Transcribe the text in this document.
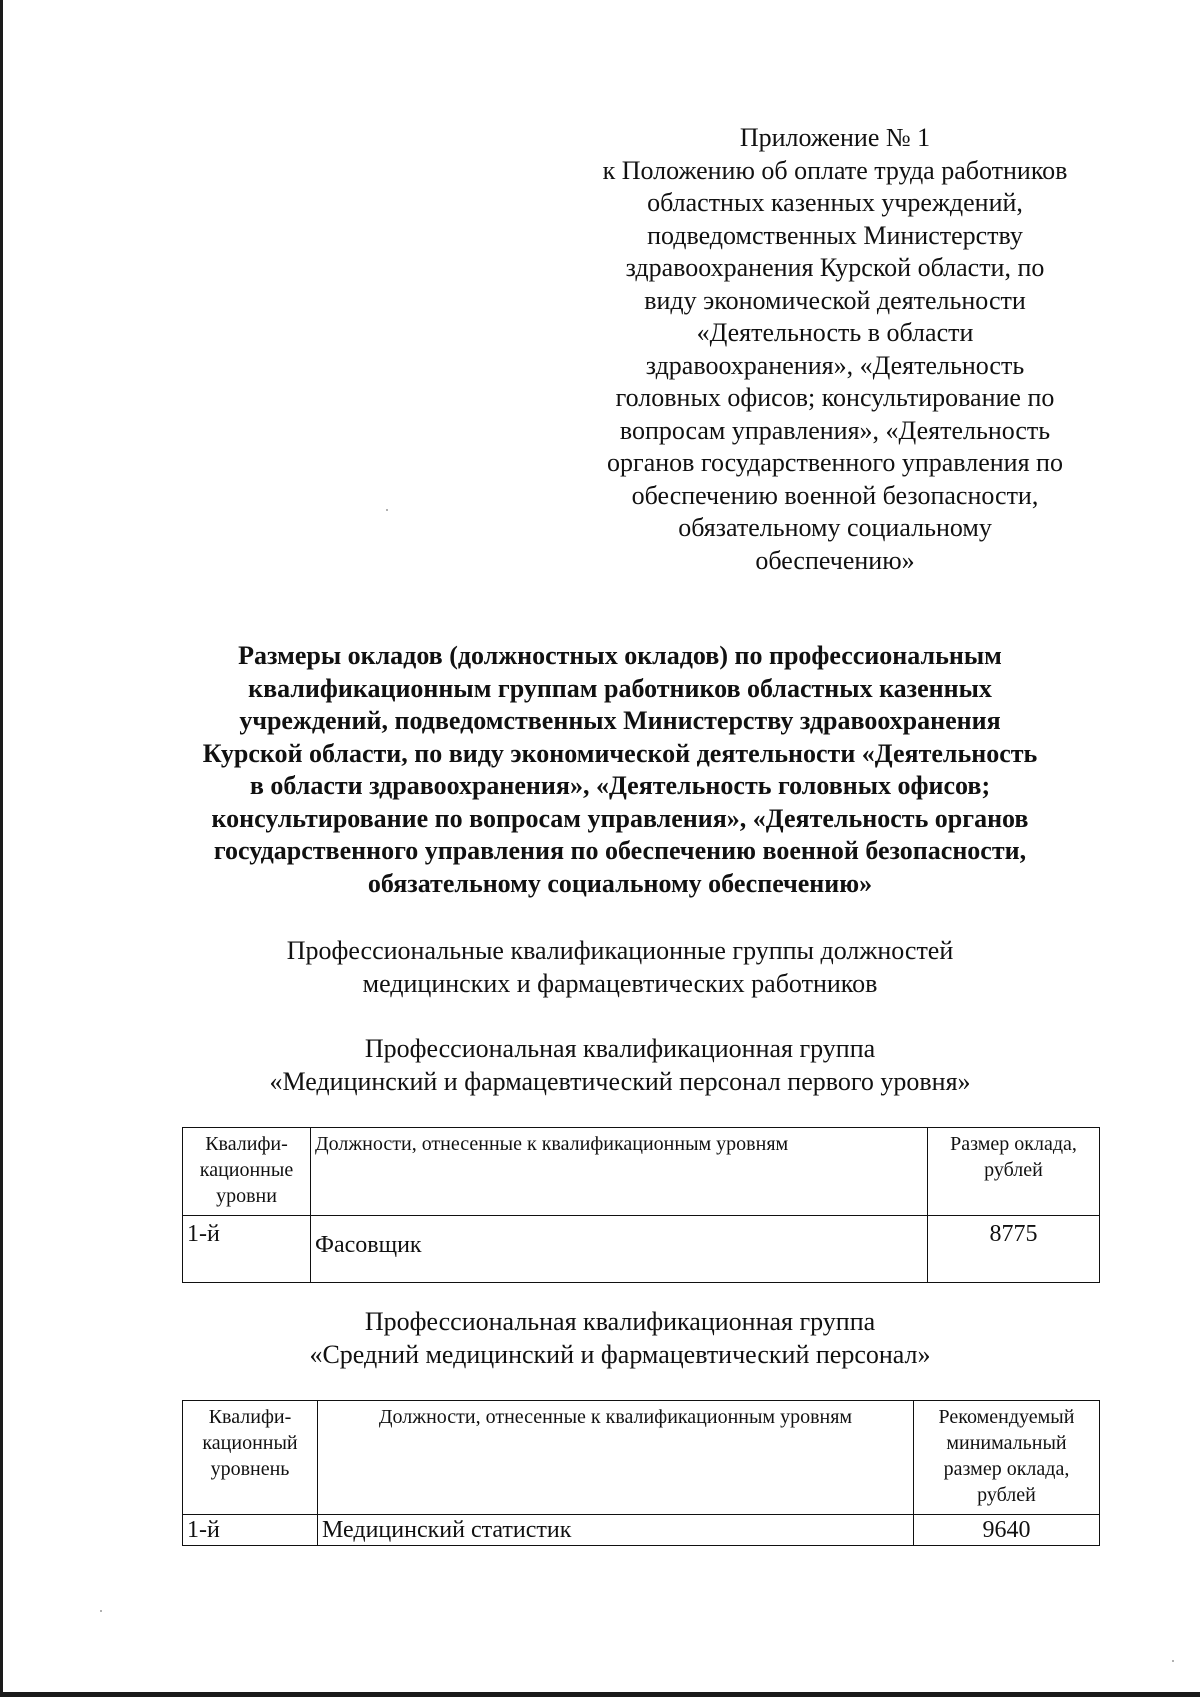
Приложение № 1
к Положению об оплате труда работников
областных казенных учреждений,
подведомственных Министерству
здравоохранения Курской области, по
виду экономической деятельности
«Деятельность в области
здравоохранения», «Деятельность
головных офисов; консультирование по
вопросам управления», «Деятельность
органов государственного управления по
обеспечению военной безопасности,
обязательному социальному
обеспечению»
Размеры окладов (должностных окладов) по профессиональным
квалификационным группам работников областных казенных
учреждений, подведомственных Министерству здравоохранения
Курской области, по виду экономической деятельности «Деятельность
в области здравоохранения», «Деятельность головных офисов;
консультирование по вопросам управления», «Деятельность органов
государственного управления по обеспечению военной безопасности,
обязательному социальному обеспечению»
Профессиональные квалификационные группы должностей
медицинских и фармацевтических работников
Профессиональная квалификационная группа
«Медицинский и фармацевтический персонал первого уровня»
Квалифи-
кационные
уровни	Должности, отнесенные к квалификационным уровням	Размер оклада,
рублей
1-й	Фасовщик	8775
Профессиональная квалификационная группа
«Средний медицинский и фармацевтический персонал»
Квалифи-
кационный
уровнень	Должности, отнесенные к квалификационным уровням	Рекомендуемый
минимальный
размер оклада,
рублей
1-й	Медицинский статистик	9640
